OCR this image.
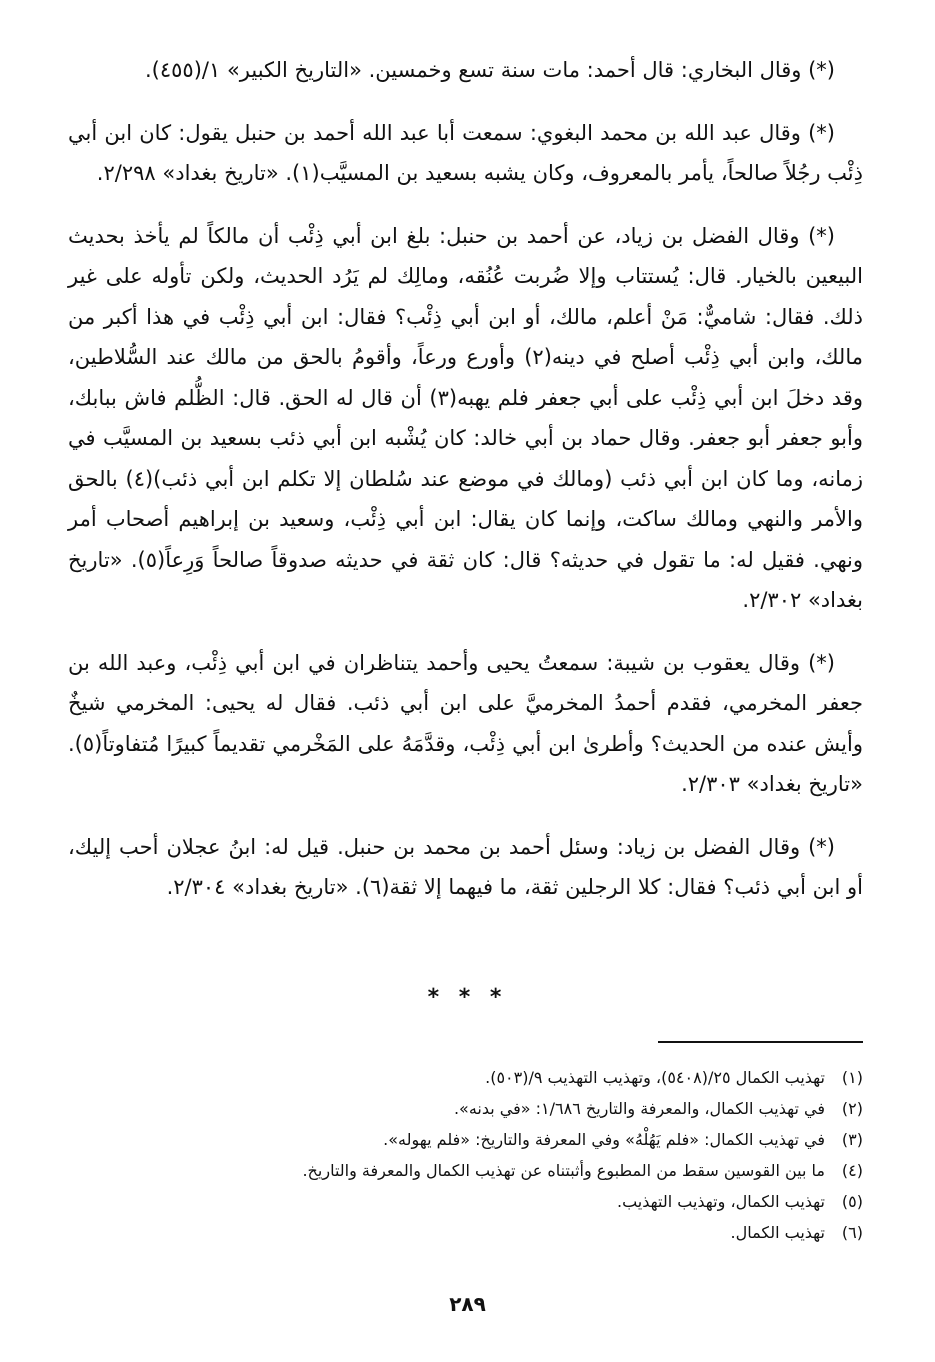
(*) وقال البخاري: قال أحمد: مات سنة تسع وخمسين. «التاريخ الكبير» ١/(٤٥٥).

(*) وقال عبد الله بن محمد البغوي: سمعت أبا عبد الله أحمد بن حنبل يقول: كان ابن أبي ذِئْب رجُلاً صالحاً، يأمر بالمعروف، وكان يشبه بسعيد بن المسيَّب(١). «تاريخ بغداد» ٢/٢٩٨.

(*) وقال الفضل بن زياد، عن أحمد بن حنبل: بلغ ابن أبي ذِئْب أن مالكاً لم يأخذ بحديث البيعين بالخيار. قال: يُستتاب وإلا ضُربت عُنُقه، ومالِك لم يَرُد الحديث، ولكن تأوله على غير ذلك. فقال: شاميٌّ: مَنْ أعلم، مالك، أو ابن أبي ذِئْب؟ فقال: ابن أبي ذِئْب في هذا أكبر من مالك، وابن أبي ذِئْب أصلح في دينه(٢) وأورع ورعاً، وأقومُ بالحق من مالك عند السُّلاطين، وقد دخلَ ابن أبي ذِئْب على أبي جعفر فلم يهبه(٣) أن قال له الحق. قال: الظُّلم فاش ببابك، وأبو جعفر أبو جعفر. وقال حماد بن أبي خالد: كان يُشْبه ابن أبي ذئب بسعيد بن المسيَّب في زمانه، وما كان ابن أبي ذئب (ومالك في موضع عند سُلطان إلا تكلم ابن أبي ذئب)(٤) بالحق والأمر والنهي ومالك ساكت، وإنما كان يقال: ابن أبي ذِئْب، وسعيد بن إبراهيم أصحاب أمر ونهي. فقيل له: ما تقول في حديثه؟ قال: كان ثقة في حديثه صدوقاً صالحاً وَرِعاً(٥). «تاريخ بغداد» ٢/٣٠٢.

(*) وقال يعقوب بن شيبة: سمعتُ يحيى وأحمد يتناظران في ابن أبي ذِئْب، وعبد الله بن جعفر المخرمي، فقدم أحمدُ المخرميَّ على ابن أبي ذئب. فقال له يحيى: المخرمي شيخٌ وأيش عنده من الحديث؟ وأطرىٰ ابن أبي ذِئْب، وقدَّمَهُ على المَخْرمي تقديماً كبيرًا مُتفاوتاً(٥). «تاريخ بغداد» ٢/٣٠٣.

(*) وقال الفضل بن زياد: وسئل أحمد بن محمد بن حنبل. قيل له: ابنُ عجلان أحب إليك، أو ابن أبي ذئب؟ فقال: كلا الرجلين ثقة، ما فيهما إلا ثقة(٦). «تاريخ بغداد» ٢/٣٠٤.

* * *
(١)تهذيب الكمال ٢٥/(٥٤٠٨)، وتهذيب التهذيب ٩/(٥٠٣).
(٢)في تهذيب الكمال، والمعرفة والتاريخ ١/٦٨٦: «في بدنه».
(٣)في تهذيب الكمال: «فلم يَهُلْهُ» وفي المعرفة والتاريخ: «فلم يهوله».
(٤)ما بين القوسين سقط من المطبوع وأثبتناه عن تهذيب الكمال والمعرفة والتاريخ.
(٥)تهذيب الكمال، وتهذيب التهذيب.
(٦)تهذيب الكمال.
٢٨٩
